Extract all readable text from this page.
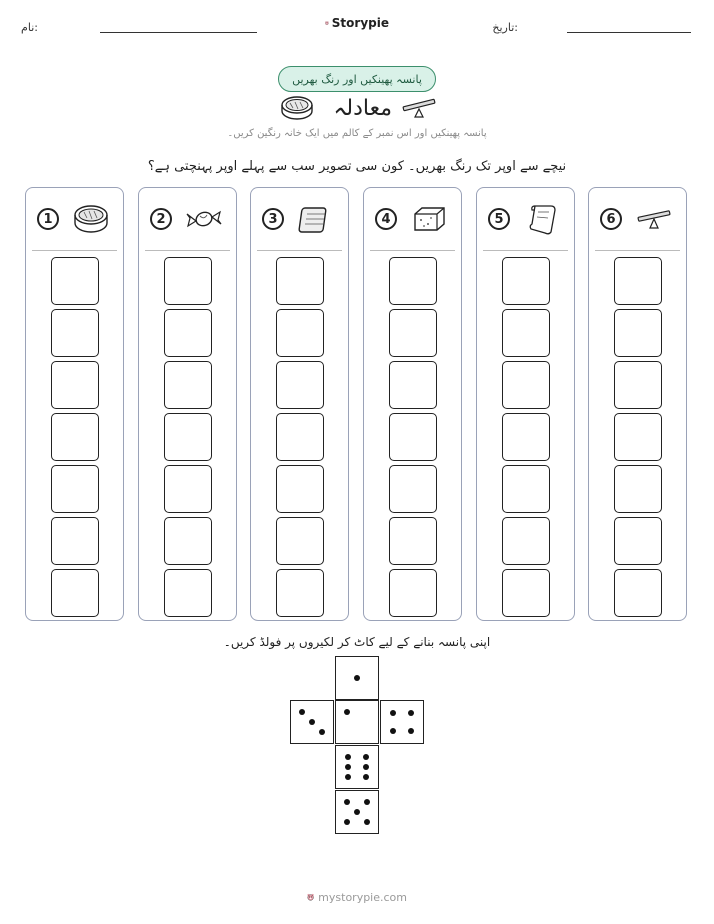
نام:	Storypie	تاریخ:
پانسہ پھینکیں اور رنگ بھریں
معادلہ
پانسہ پھینکیں اور اس نمبر کے کالم میں ایک خانہ رنگین کریں۔
نیچے سے اوپر تک رنگ بھریں۔ کون سی تصویر سب سے پہلے اوپر پہنچتی ہے؟
1	2	3	4	5	6
اپنی پانسہ بنانے کے لیے کاٹ کر لکیروں پر فولڈ کریں۔
mystorypie.com
